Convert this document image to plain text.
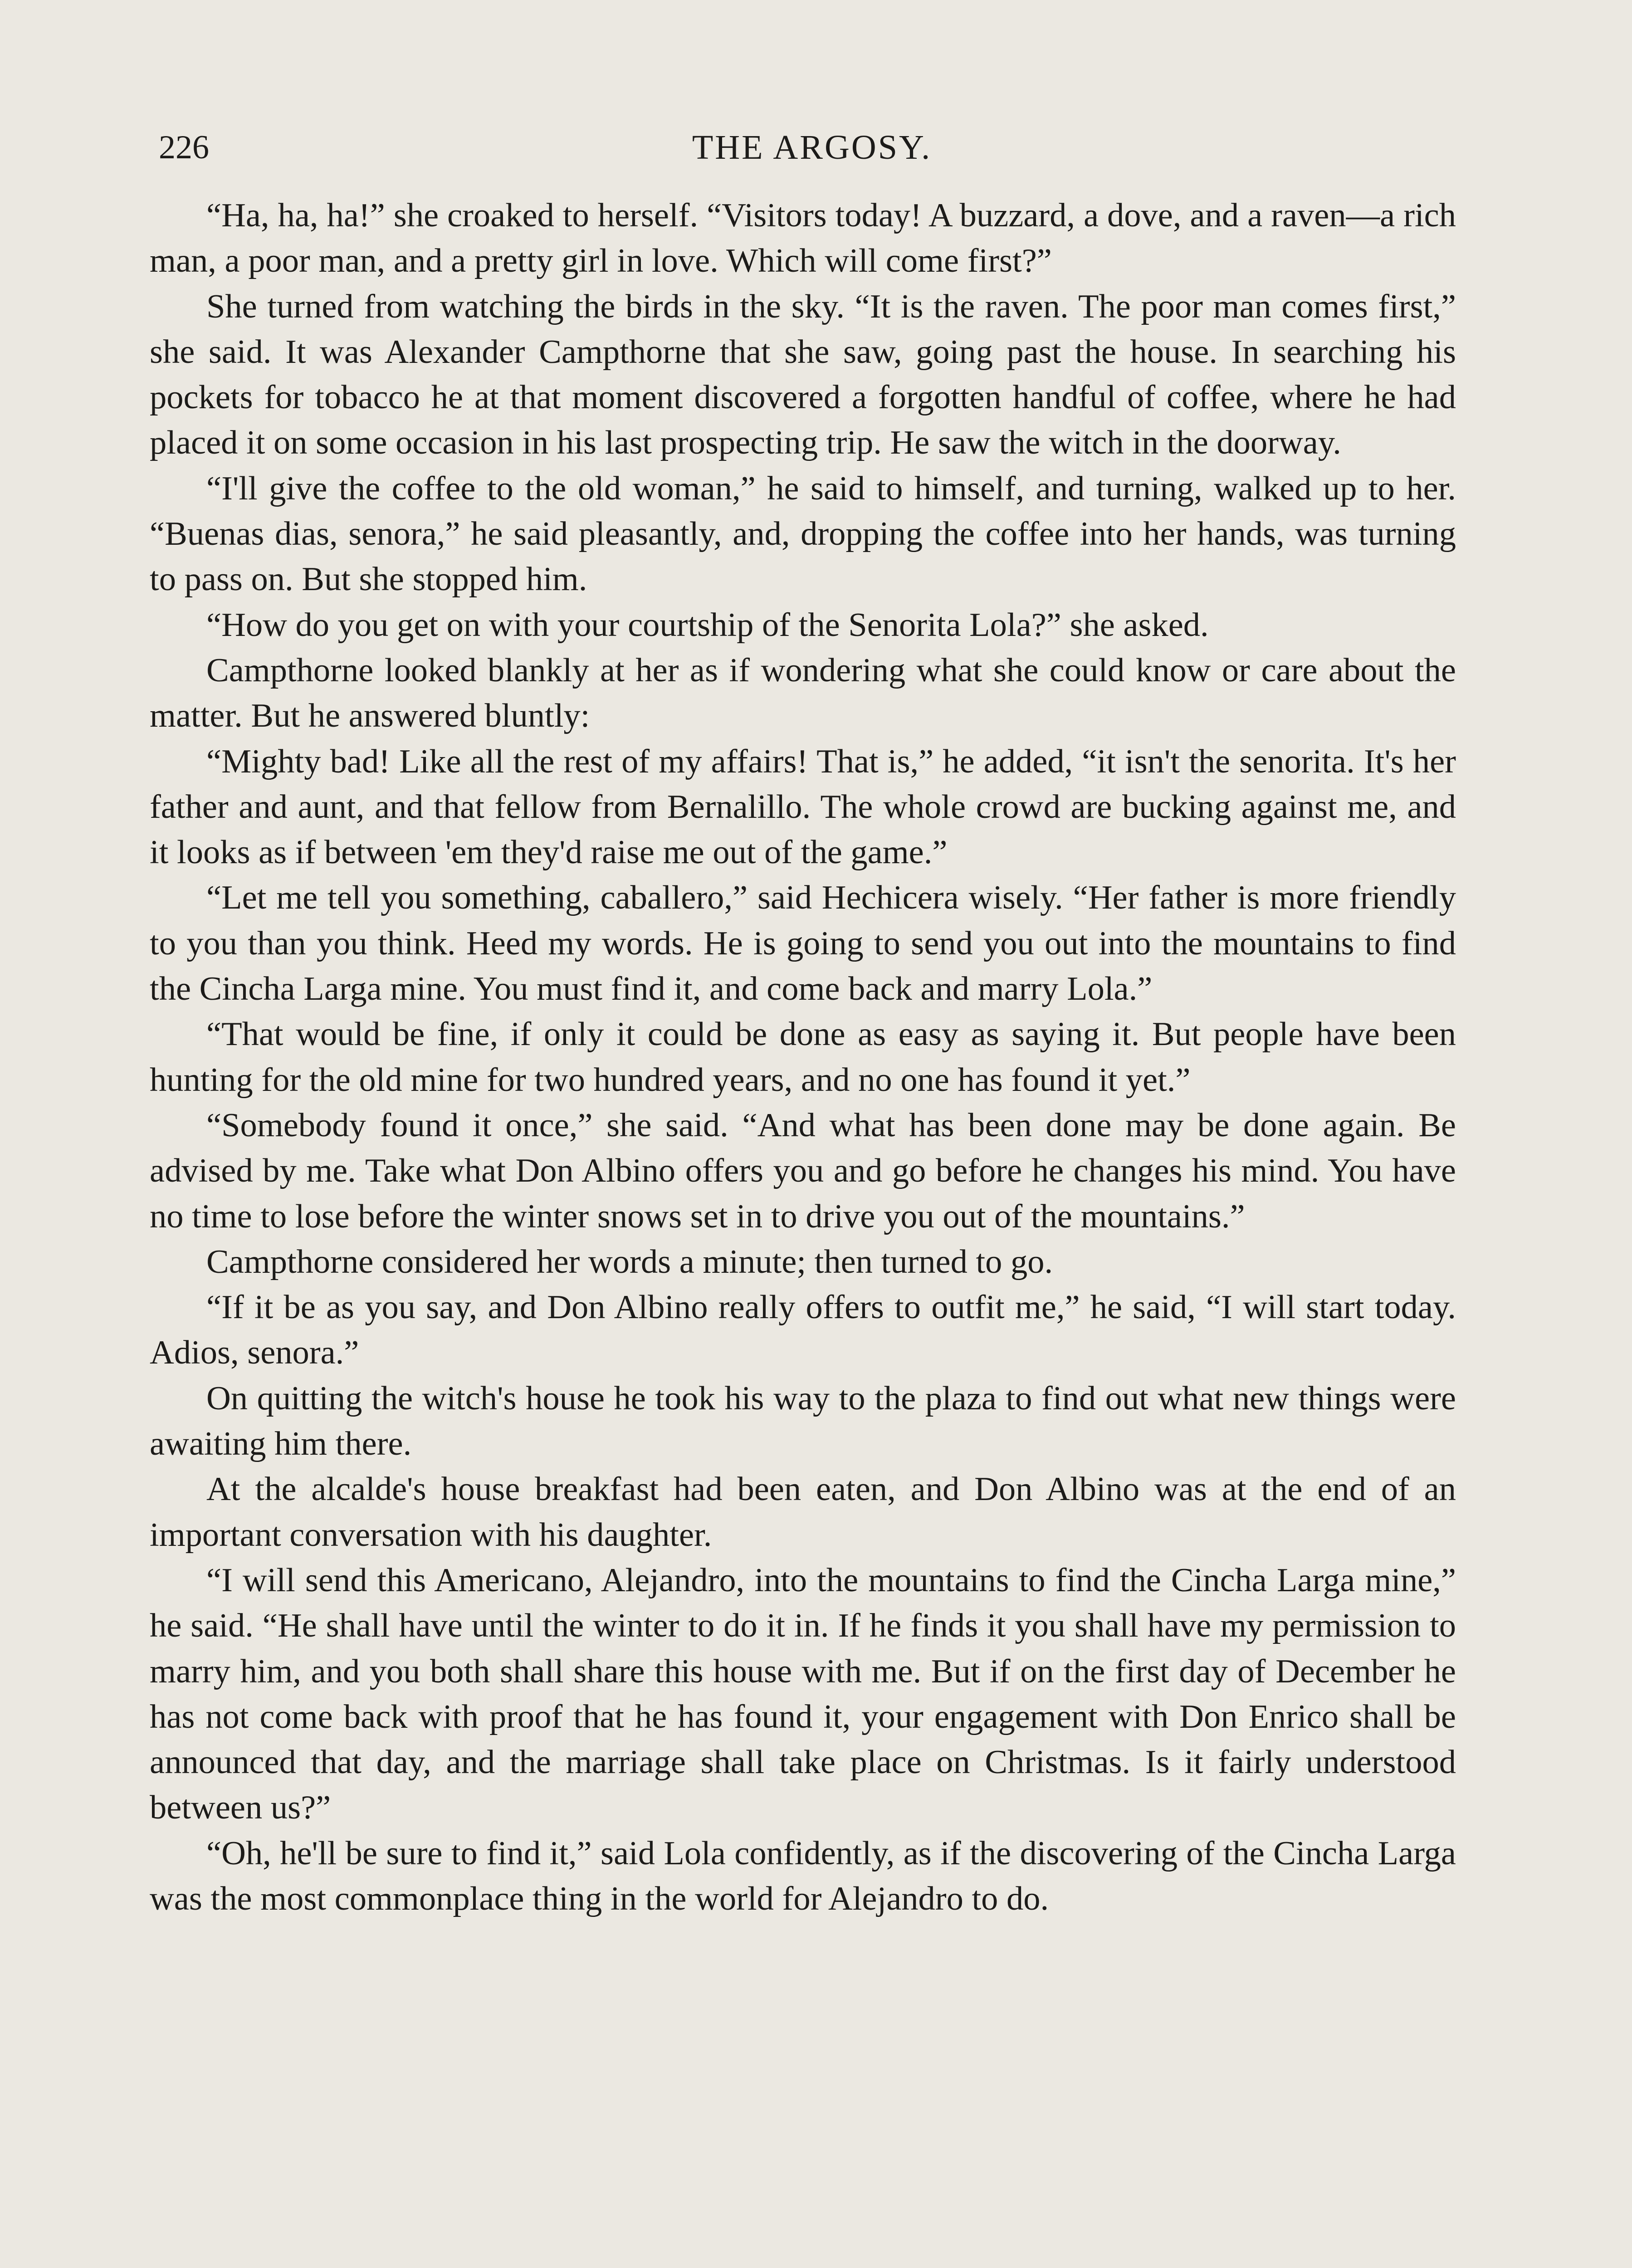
226	THE ARGOSY.

“Ha, ha, ha!” she croaked to herself. “Visitors today! A buzzard, a dove, and a raven—a rich man, a poor man, and a pretty girl in love. Which will come first?”

She turned from watching the birds in the sky. “It is the raven. The poor man comes first,” she said. It was Alexander Campthorne that she saw, going past the house. In searching his pockets for tobacco he at that moment discovered a forgotten handful of coffee, where he had placed it on some occasion in his last prospecting trip. He saw the witch in the doorway.

“I'll give the coffee to the old woman,” he said to himself, and turning, walked up to her. “Buenas dias, senora,” he said pleasantly, and, dropping the coffee into her hands, was turning to pass on. But she stopped him.

“How do you get on with your courtship of the Senorita Lola?” she asked.

Campthorne looked blankly at her as if wondering what she could know or care about the matter. But he answered bluntly:

“Mighty bad! Like all the rest of my affairs! That is,” he added, “it isn't the senorita. It's her father and aunt, and that fellow from Bernalillo. The whole crowd are bucking against me, and it looks as if between 'em they'd raise me out of the game.”

“Let me tell you something, caballero,” said Hechicera wisely. “Her father is more friendly to you than you think. Heed my words. He is going to send you out into the mountains to find the Cincha Larga mine. You must find it, and come back and marry Lola.”

“That would be fine, if only it could be done as easy as saying it. But people have been hunting for the old mine for two hundred years, and no one has found it yet.”

“Somebody found it once,” she said. “And what has been done may be done again. Be advised by me. Take what Don Albino offers you and go before he changes his mind. You have no time to lose before the winter snows set in to drive you out of the mountains.”

Campthorne considered her words a minute; then turned to go.

“If it be as you say, and Don Albino really offers to outfit me,” he said, “I will start today. Adios, senora.”

On quitting the witch's house he took his way to the plaza to find out what new things were awaiting him there.

At the alcalde's house breakfast had been eaten, and Don Albino was at the end of an important conversation with his daughter.

“I will send this Americano, Alejandro, into the mountains to find the Cincha Larga mine,” he said. “He shall have until the winter to do it in. If he finds it you shall have my permission to marry him, and you both shall share this house with me. But if on the first day of December he has not come back with proof that he has found it, your engagement with Don Enrico shall be announced that day, and the marriage shall take place on Christmas. Is it fairly understood between us?”

“Oh, he'll be sure to find it,” said Lola confidently, as if the discovering of the Cincha Larga was the most commonplace thing in the world for Alejandro to do.
